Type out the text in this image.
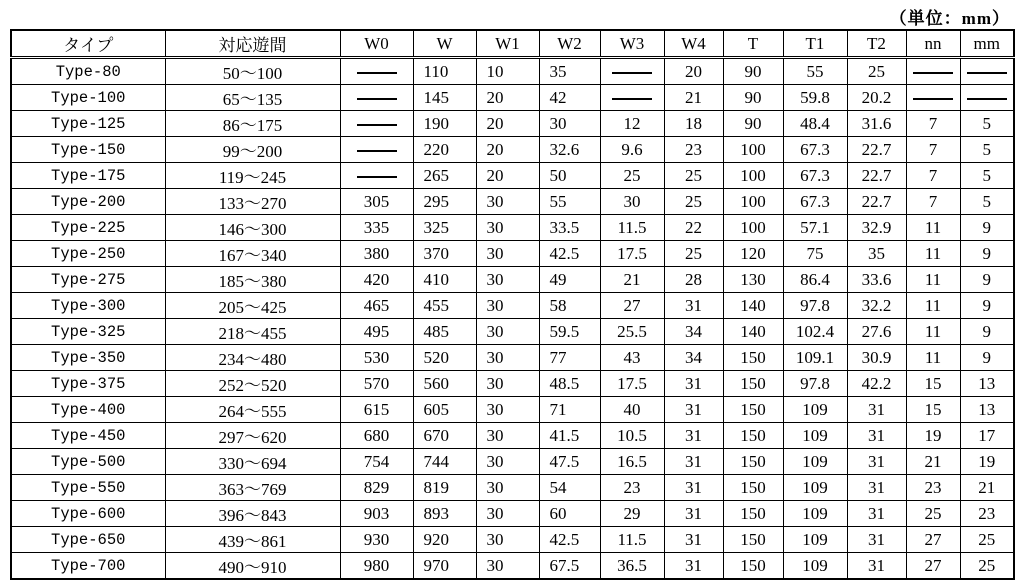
（単位：mm）
タイプ	対応遊間	W0	W	W1	W2	W3	W4	T	T1	T2	nn	mm
Type-80	50～100		110	10	35		20	90	55	25		
Type-100	65～135		145	20	42		21	90	59.8	20.2		
Type-125	86～175		190	20	30	12	18	90	48.4	31.6	7	5
Type-150	99～200		220	20	32.6	9.6	23	100	67.3	22.7	7	5
Type-175	119～245		265	20	50	25	25	100	67.3	22.7	7	5
Type-200	133～270	305	295	30	55	30	25	100	67.3	22.7	7	5
Type-225	146～300	335	325	30	33.5	11.5	22	100	57.1	32.9	11	9
Type-250	167～340	380	370	30	42.5	17.5	25	120	75	35	11	9
Type-275	185～380	420	410	30	49	21	28	130	86.4	33.6	11	9
Type-300	205～425	465	455	30	58	27	31	140	97.8	32.2	11	9
Type-325	218～455	495	485	30	59.5	25.5	34	140	102.4	27.6	11	9
Type-350	234～480	530	520	30	77	43	34	150	109.1	30.9	11	9
Type-375	252～520	570	560	30	48.5	17.5	31	150	97.8	42.2	15	13
Type-400	264～555	615	605	30	71	40	31	150	109	31	15	13
Type-450	297～620	680	670	30	41.5	10.5	31	150	109	31	19	17
Type-500	330～694	754	744	30	47.5	16.5	31	150	109	31	21	19
Type-550	363～769	829	819	30	54	23	31	150	109	31	23	21
Type-600	396～843	903	893	30	60	29	31	150	109	31	25	23
Type-650	439～861	930	920	30	42.5	11.5	31	150	109	31	27	25
Type-700	490～910	980	970	30	67.5	36.5	31	150	109	31	27	25
